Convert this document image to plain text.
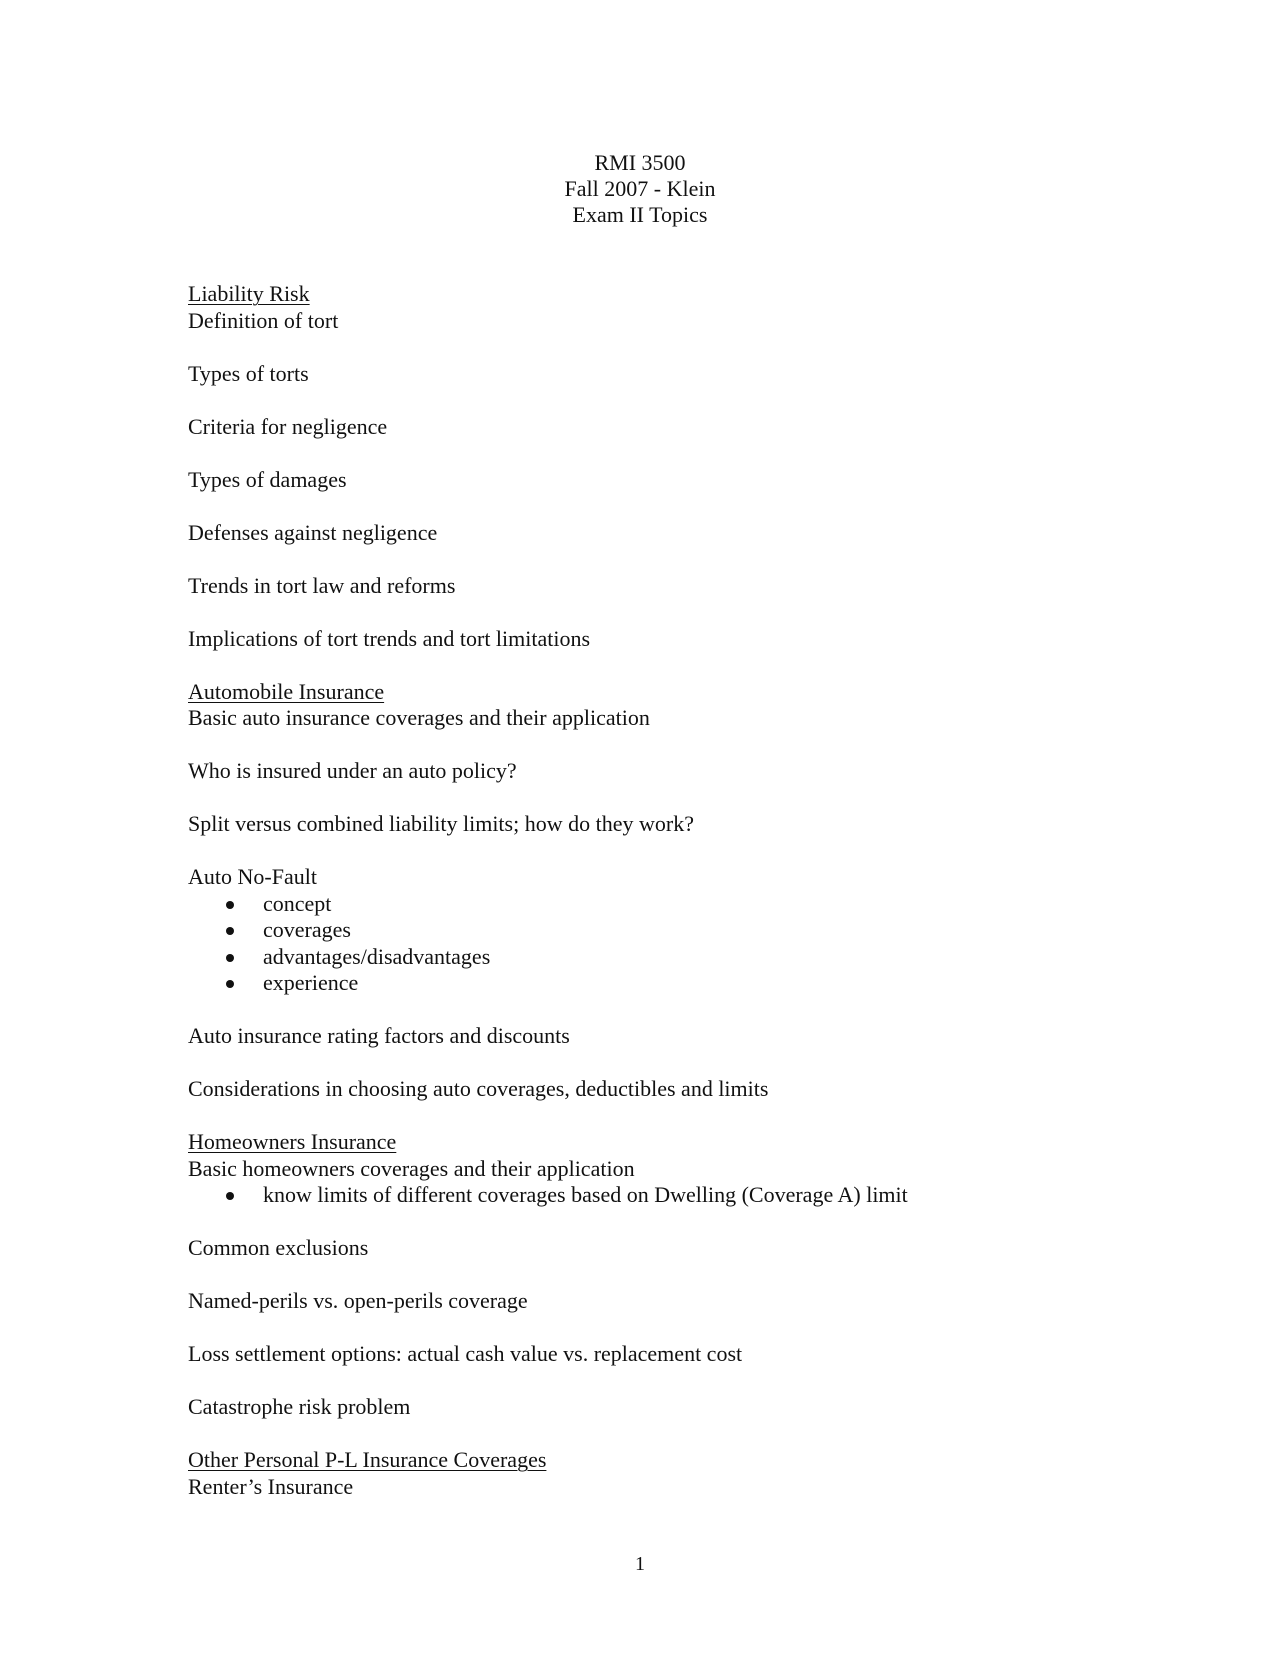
RMI 3500
Fall 2007 - Klein
Exam II Topics

Liability Risk

Definition of tort

Types of torts

Criteria for negligence

Types of damages

Defenses against negligence

Trends in tort law and reforms

Implications of tort trends and tort limitations

Automobile Insurance

Basic auto insurance coverages and their application

Who is insured under an auto policy?

Split versus combined liability limits; how do they work?

Auto No-Fault

concept
coverages
advantages/disadvantages
experience

Auto insurance rating factors and discounts

Considerations in choosing auto coverages, deductibles and limits

Homeowners Insurance

Basic homeowners coverages and their application

know limits of different coverages based on Dwelling (Coverage A) limit

Common exclusions

Named-perils vs. open-perils coverage

Loss settlement options: actual cash value vs. replacement cost

Catastrophe risk problem

Other Personal P-L Insurance Coverages

Renter’s Insurance

1
